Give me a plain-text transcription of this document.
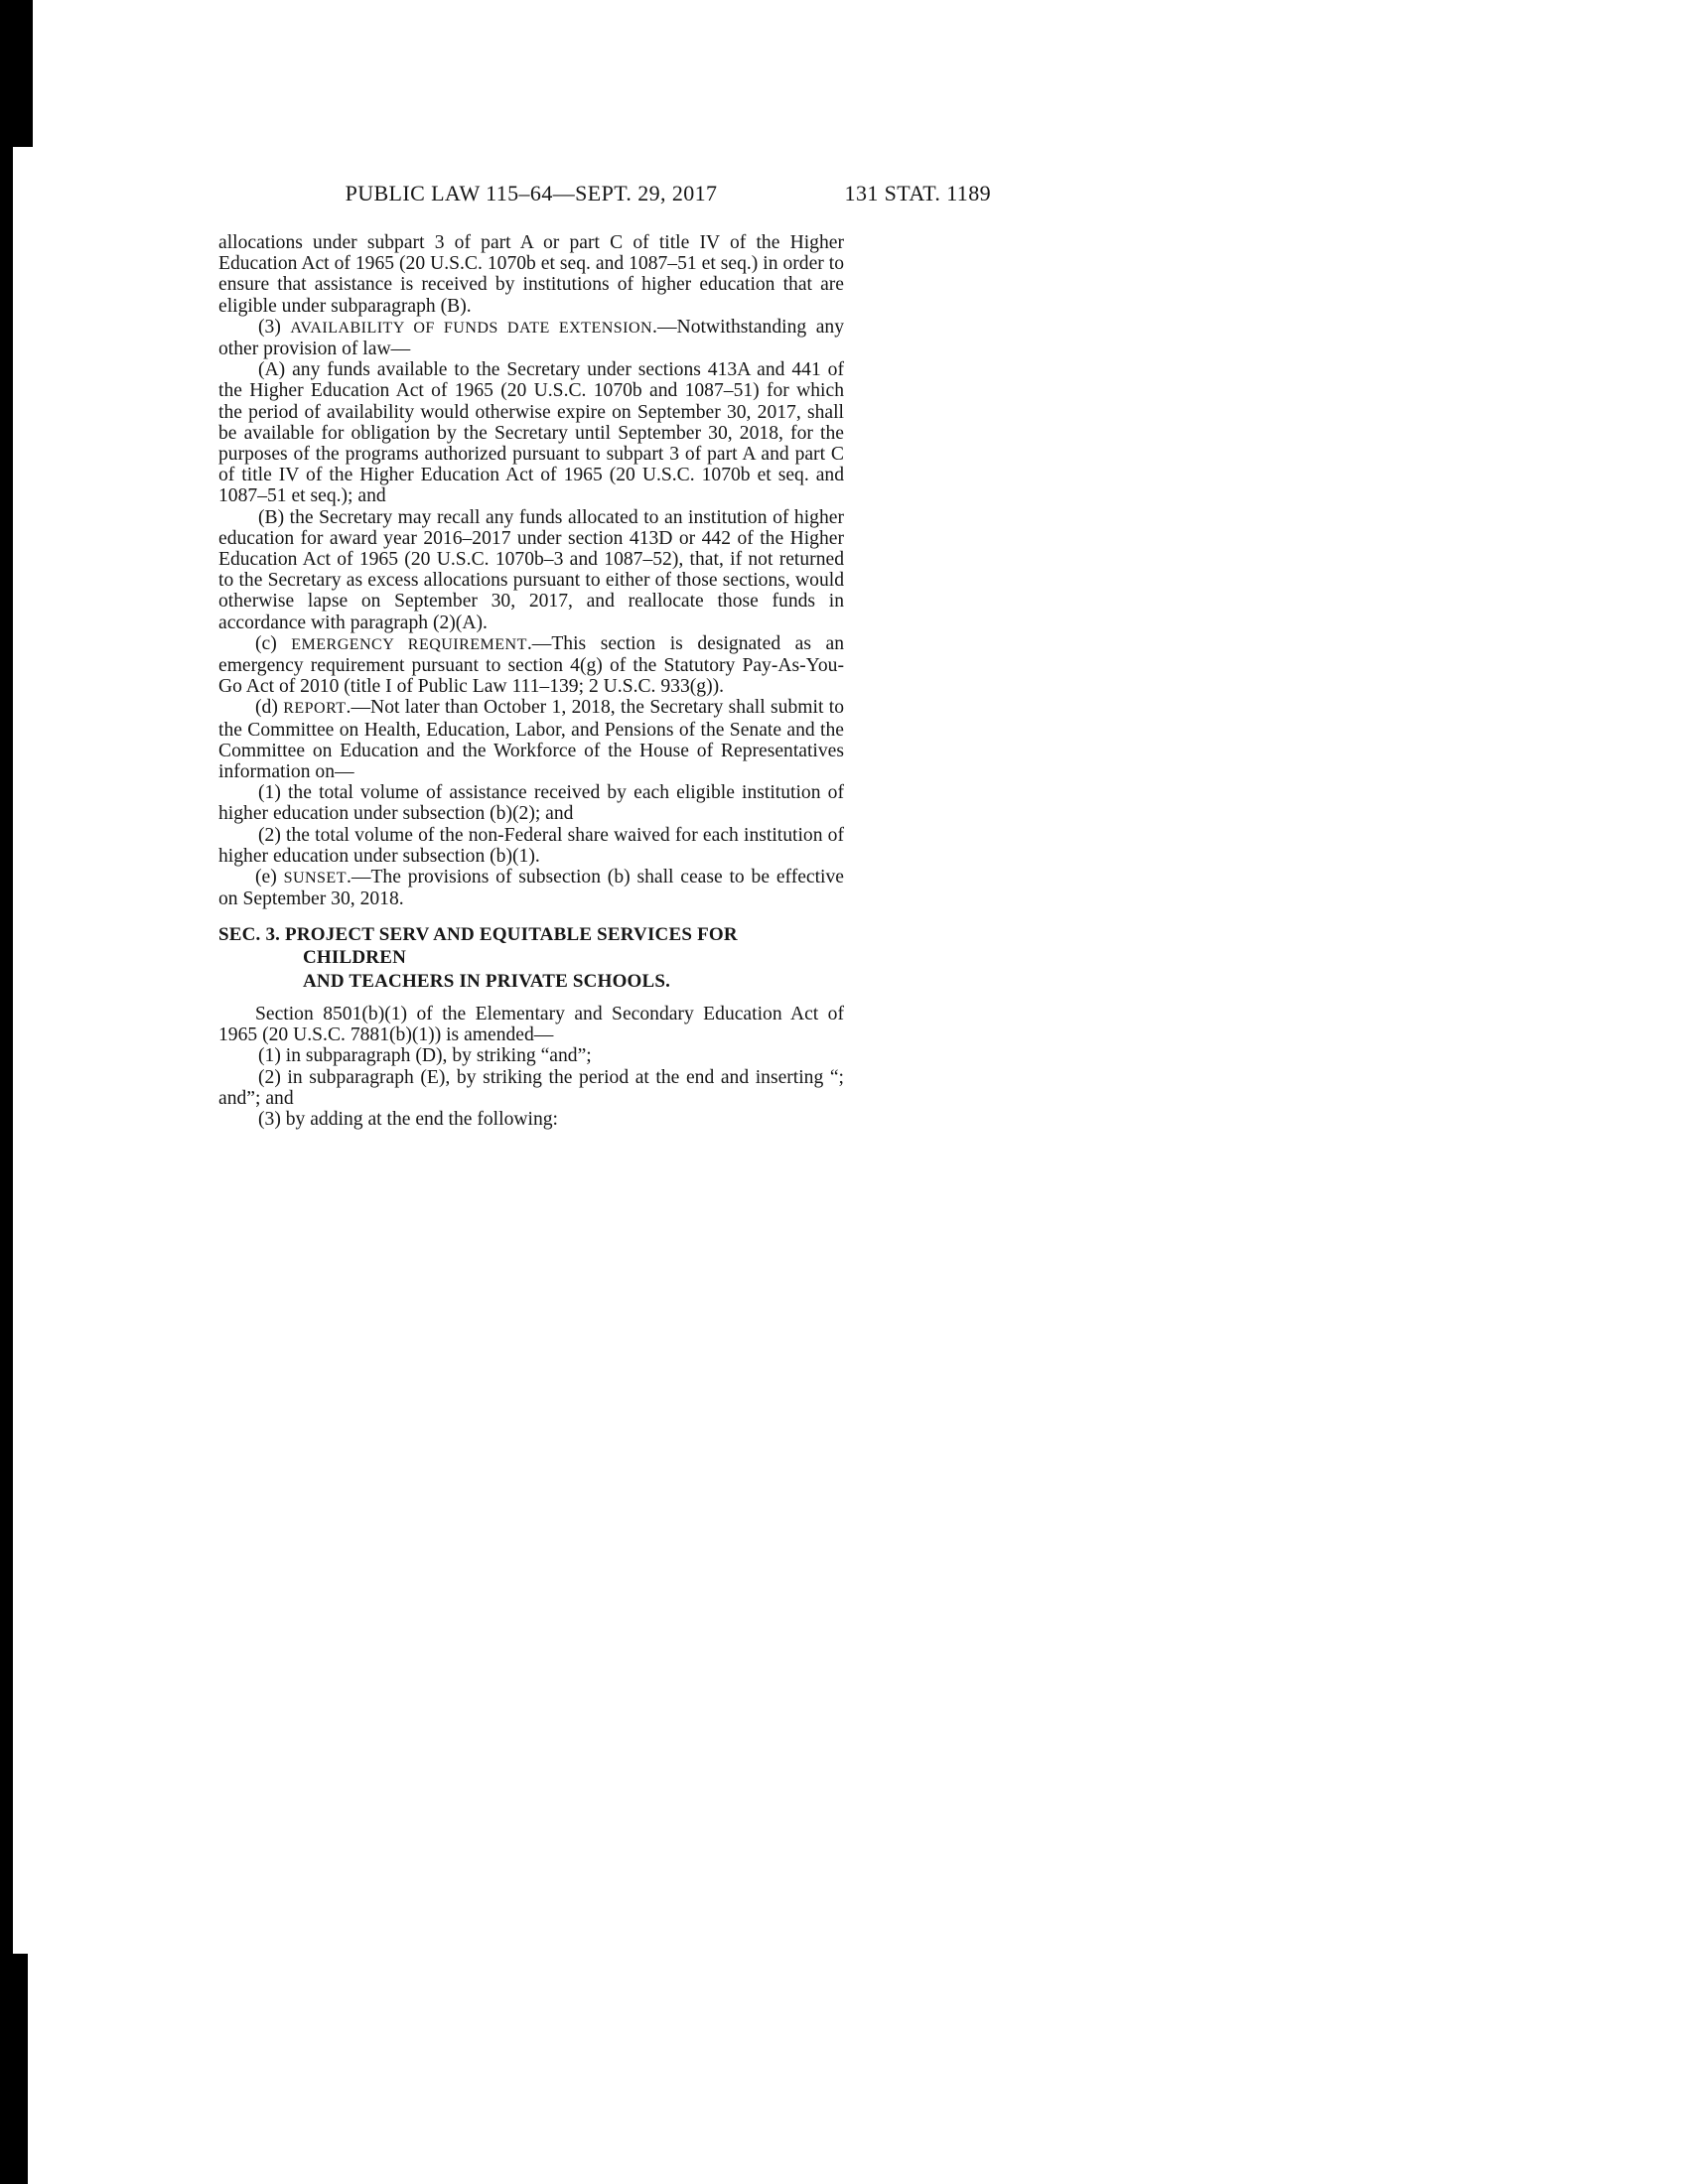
PUBLIC LAW 115–64—SEPT. 29, 2017	131 STAT. 1189

allocations under subpart 3 of part A or part C of title IV of the Higher Education Act of 1965 (20 U.S.C. 1070b et seq. and 1087–51 et seq.) in order to ensure that assistance is received by institutions of higher education that are eligible under subparagraph (B).

(3) AVAILABILITY OF FUNDS DATE EXTENSION.—Notwithstanding any other provision of law—

(A) any funds available to the Secretary under sections 413A and 441 of the Higher Education Act of 1965 (20 U.S.C. 1070b and 1087–51) for which the period of availability would otherwise expire on September 30, 2017, shall be available for obligation by the Secretary until September 30, 2018, for the purposes of the programs authorized pursuant to subpart 3 of part A and part C of title IV of the Higher Education Act of 1965 (20 U.S.C. 1070b et seq. and 1087–51 et seq.); and

(B) the Secretary may recall any funds allocated to an institution of higher education for award year 2016–2017 under section 413D or 442 of the Higher Education Act of 1965 (20 U.S.C. 1070b–3 and 1087–52), that, if not returned to the Secretary as excess allocations pursuant to either of those sections, would otherwise lapse on September 30, 2017, and reallocate those funds in accordance with paragraph (2)(A).

(c) EMERGENCY REQUIREMENT.—This section is designated as an emergency requirement pursuant to section 4(g) of the Statutory Pay-As-You-Go Act of 2010 (title I of Public Law 111–139; 2 U.S.C. 933(g)).

(d) REPORT.—Not later than October 1, 2018, the Secretary shall submit to the Committee on Health, Education, Labor, and Pensions of the Senate and the Committee on Education and the Workforce of the House of Representatives information on—

(1) the total volume of assistance received by each eligible institution of higher education under subsection (b)(2); and

(2) the total volume of the non-Federal share waived for each institution of higher education under subsection (b)(1).

(e) SUNSET.—The provisions of subsection (b) shall cease to be effective on September 30, 2018.

SEC. 3. PROJECT SERV AND EQUITABLE SERVICES FOR CHILDREN
AND TEACHERS IN PRIVATE SCHOOLS.

Section 8501(b)(1) of the Elementary and Secondary Education Act of 1965 (20 U.S.C. 7881(b)(1)) is amended—

(1) in subparagraph (D), by striking “and”;

(2) in subparagraph (E), by striking the period at the end and inserting “; and”; and

(3) by adding at the end the following:
